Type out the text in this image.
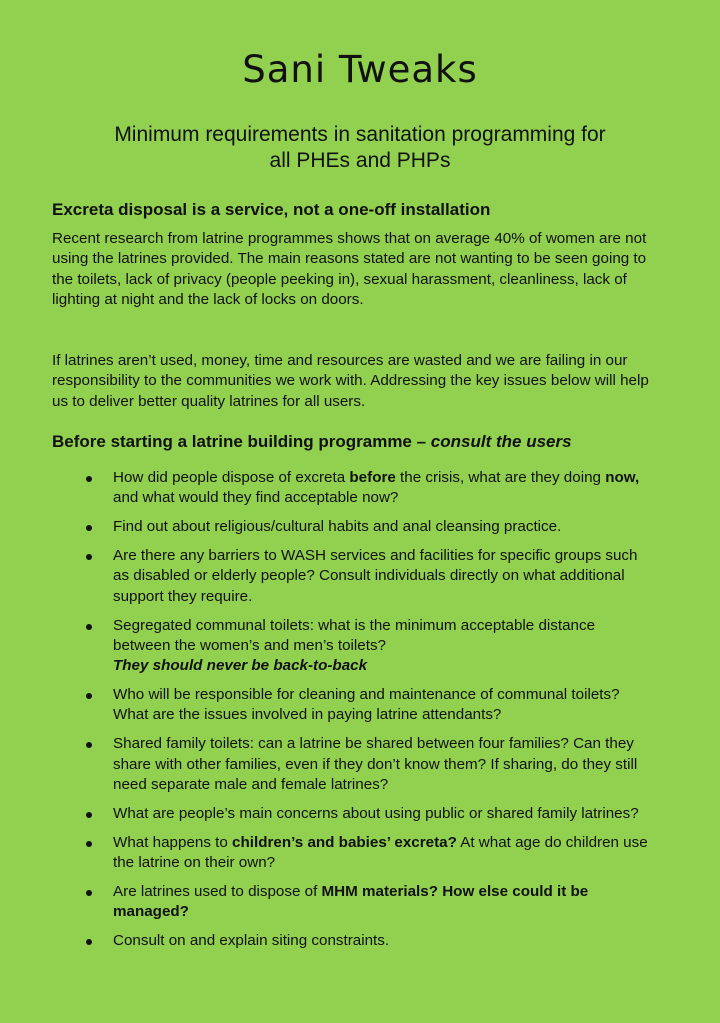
Sani Tweaks
Minimum requirements in sanitation programming for
all PHEs and PHPs
Excreta disposal is a service, not a one-off installation
Recent research from latrine programmes shows that on average 40% of women are not using the latrines provided. The main reasons stated are not wanting to be seen going to the toilets, lack of privacy (people peeking in), sexual harassment, cleanliness, lack of lighting at night and the lack of locks on doors.
If latrines aren’t used, money, time and resources are wasted and we are failing in our responsibility to the communities we work with. Addressing the key issues below will help us to deliver better quality latrines for all users.
Before starting a latrine building programme – consult the users
How did people dispose of excreta before the crisis, what are they doing now, and what would they find acceptable now?
Find out about religious/cultural habits and anal cleansing practice.
Are there any barriers to WASH services and facilities for specific groups such as disabled or elderly people? Consult individuals directly on what additional support they require.
Segregated communal toilets: what is the minimum acceptable distance between the women’s and men’s toilets?
They should never be back-to-back
Who will be responsible for cleaning and maintenance of communal toilets? What are the issues involved in paying latrine attendants?
Shared family toilets: can a latrine be shared between four families? Can they share with other families, even if they don’t know them? If sharing, do they still need separate male and female latrines?
What are people’s main concerns about using public or shared family latrines?
What happens to children’s and babies’ excreta? At what age do children use the latrine on their own?
Are latrines used to dispose of MHM materials? How else could it be managed?
Consult on and explain siting constraints.
